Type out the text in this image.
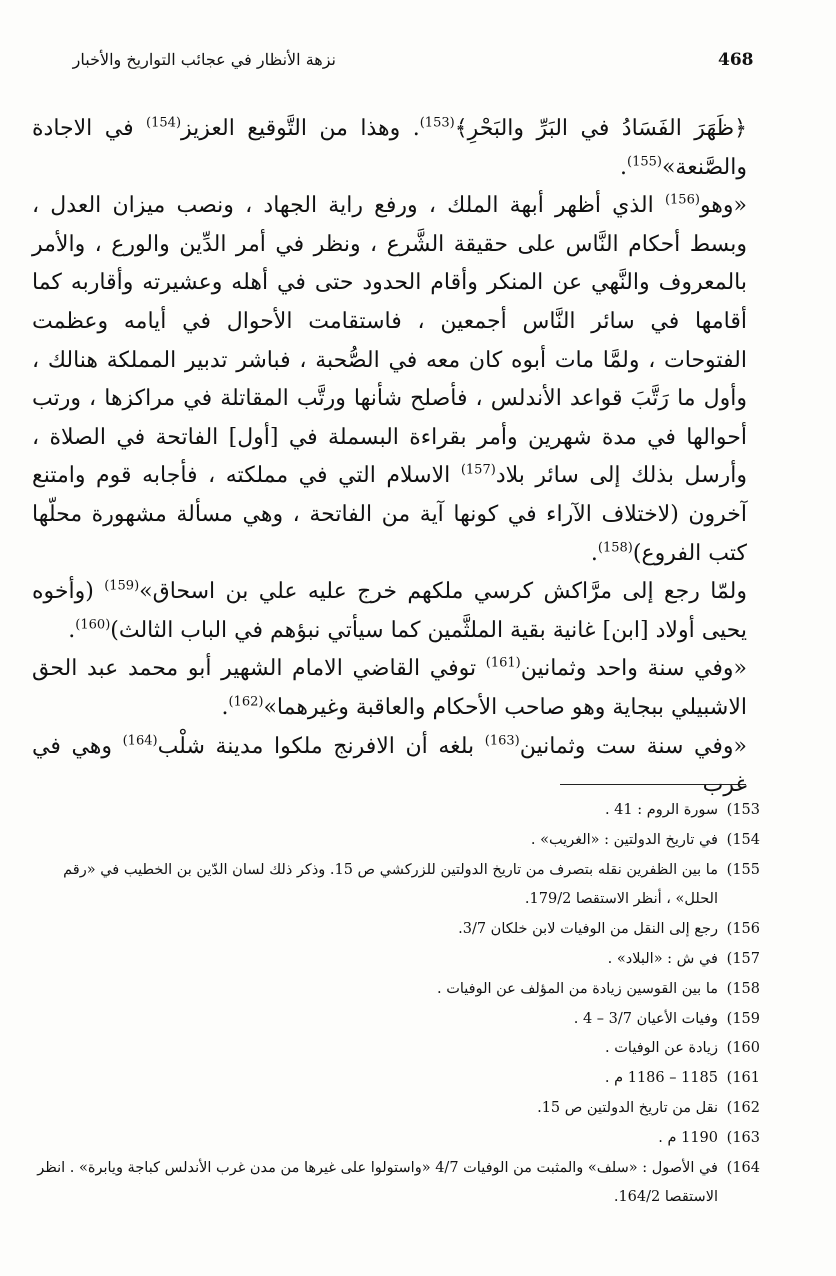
468
نزهة الأنظار في عجائب التواريخ والأخبار

﴿ظَهَرَ الفَسَادُ في البَرِّ والبَحْرِ﴾$^{(153)}$. وهذا من التَّوقيع العزيز$^{(154)}$ في الاجادة والصَّنعة»$^{(155)}$.

«وهو$^{(156)}$ الذي أظهر أبهة الملك ، ورفع راية الجهاد ، ونصب ميزان العدل ، وبسط أحكام النَّاس على حقيقة الشَّرع ، ونظر في أمر الدِّين والورع ، والأمر بالمعروف والنَّهي عن المنكر وأقام الحدود حتى في أهله وعشيرته وأقاربه كما أقامها في سائر النَّاس أجمعين ، فاستقامت الأحوال في أيامه وعظمت الفتوحات ، ولمَّا مات أبوه كان معه في الصُّحبة ، فباشر تدبير المملكة هنالك ، وأول ما رَتَّبَ قواعد الأندلس ، فأصلح شأنها ورتَّب المقاتلة في مراكزها ، ورتب أحوالها في مدة شهرين وأمر بقراءة البسملة في [أول] الفاتحة في الصلاة ، وأرسل بذلك إلى سائر بلاد$^{(157)}$ الاسلام التي في مملكته ، فأجابه قوم وامتنع آخرون (لاختلاف الآراء في كونها آية من الفاتحة ، وهي مسألة مشهورة محلّها كتب الفروع)$^{(158)}$.

ولمّا رجع إلى مرَّاكش كرسي ملكهم خرج عليه علي بن اسحاق»$^{(159)}$ (وأخوه يحيى أولاد [ابن] غانية بقية الملثَّمين كما سيأتي نبؤهم في الباب الثالث)$^{(160)}$.

«وفي سنة واحد وثمانين$^{(161)}$ توفي القاضي الامام الشهير أبو محمد عبد الحق الاشبيلي ببجاية وهو صاحب الأحكام والعاقبة وغيرهما»$^{(162)}$.

«وفي سنة ست وثمانين$^{(163)}$ بلغه أن الافرنج ملكوا مدينة شلْب$^{(164)}$ وهي في غرب

(153
سورة الروم : 41 .
(154
في تاريخ الدولتين : «الغريب» .
(155
ما بين الظفرين نقله بتصرف من تاريخ الدولتين للزركشي ص 15. وذكر ذلك لسان الدّين بن الخطيب في «رقم الحلل» ، أنظر الاستقصا 179/2.
(156
رجع إلى النقل من الوفيات لابن خلكان 3/7.
(157
في ش : «البلاد» .
(158
ما بين القوسين زيادة من المؤلف عن الوفيات .
(159
وفيات الأعيان 3/7 – 4 .
(160
زيادة عن الوفيات .
(161
1185 – 1186 م .
(162
نقل من تاريخ الدولتين ص 15.
(163
1190 م .
(164
في الأصول : «سلف» والمثبت من الوفيات 4/7 «واستولوا على غيرها من مدن غرب الأندلس كباجة ويابرة» . انظر الاستقصا 164/2.
